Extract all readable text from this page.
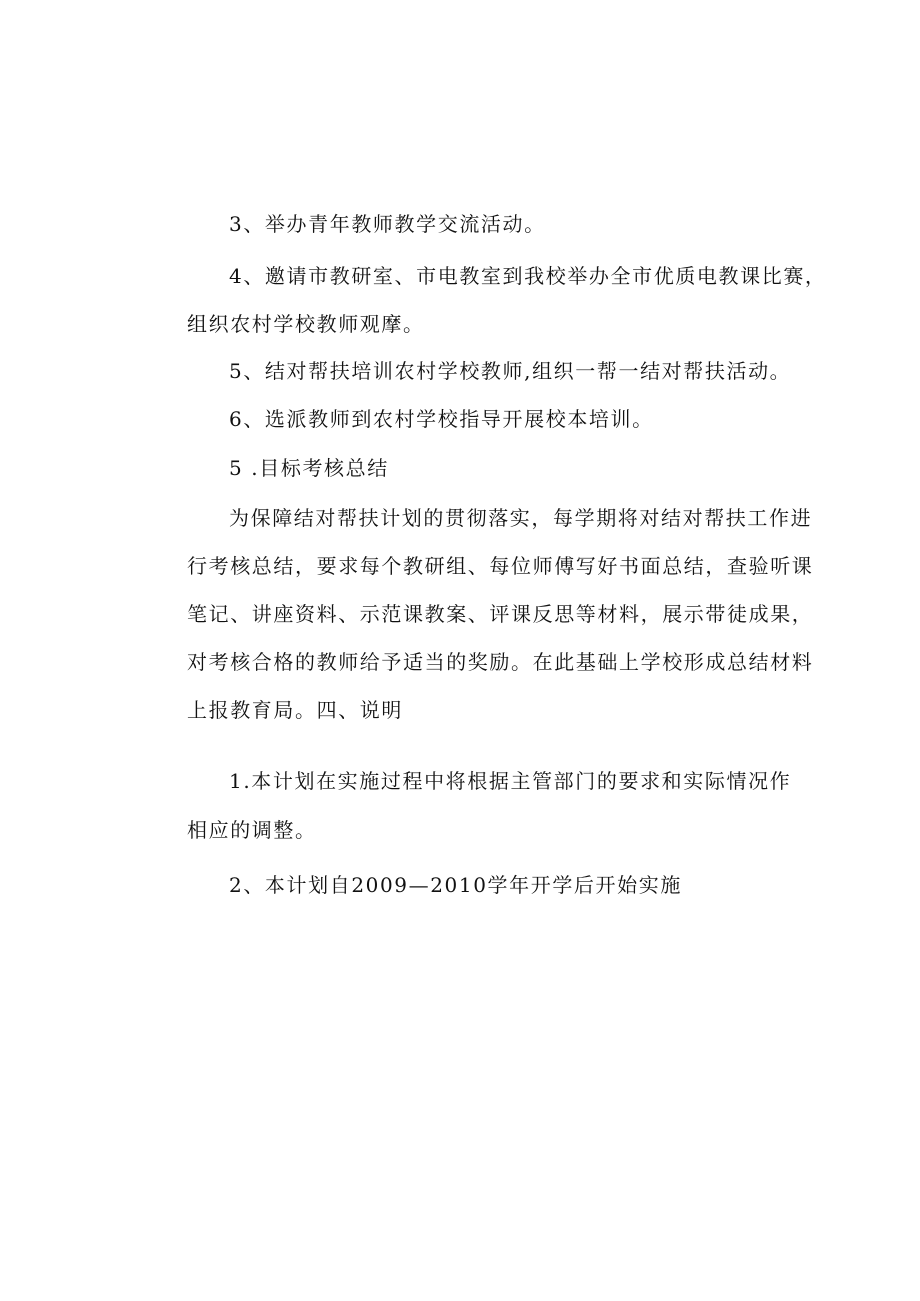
3、举办青年教师教学交流活动。
4、邀请市教研室、市电教室到我校举办全市优质电教课比赛，
组织农村学校教师观摩。
5、结对帮扶培训农村学校教师,组织一帮一结对帮扶活动。
6、选派教师到农村学校指导开展校本培训。
5 .目标考核总结
为保障结对帮扶计划的贯彻落实，每学期将对结对帮扶工作进
行考核总结，要求每个教研组、每位师傅写好书面总结，查验听课
笔记、讲座资料、示范课教案、评课反思等材料，展示带徒成果，
对考核合格的教师给予适当的奖励。在此基础上学校形成总结材料
上报教育局。四、说明
1.本计划在实施过程中将根据主管部门的要求和实际情况作
相应的调整。
2、本计划自2009—2010学年开学后开始实施
